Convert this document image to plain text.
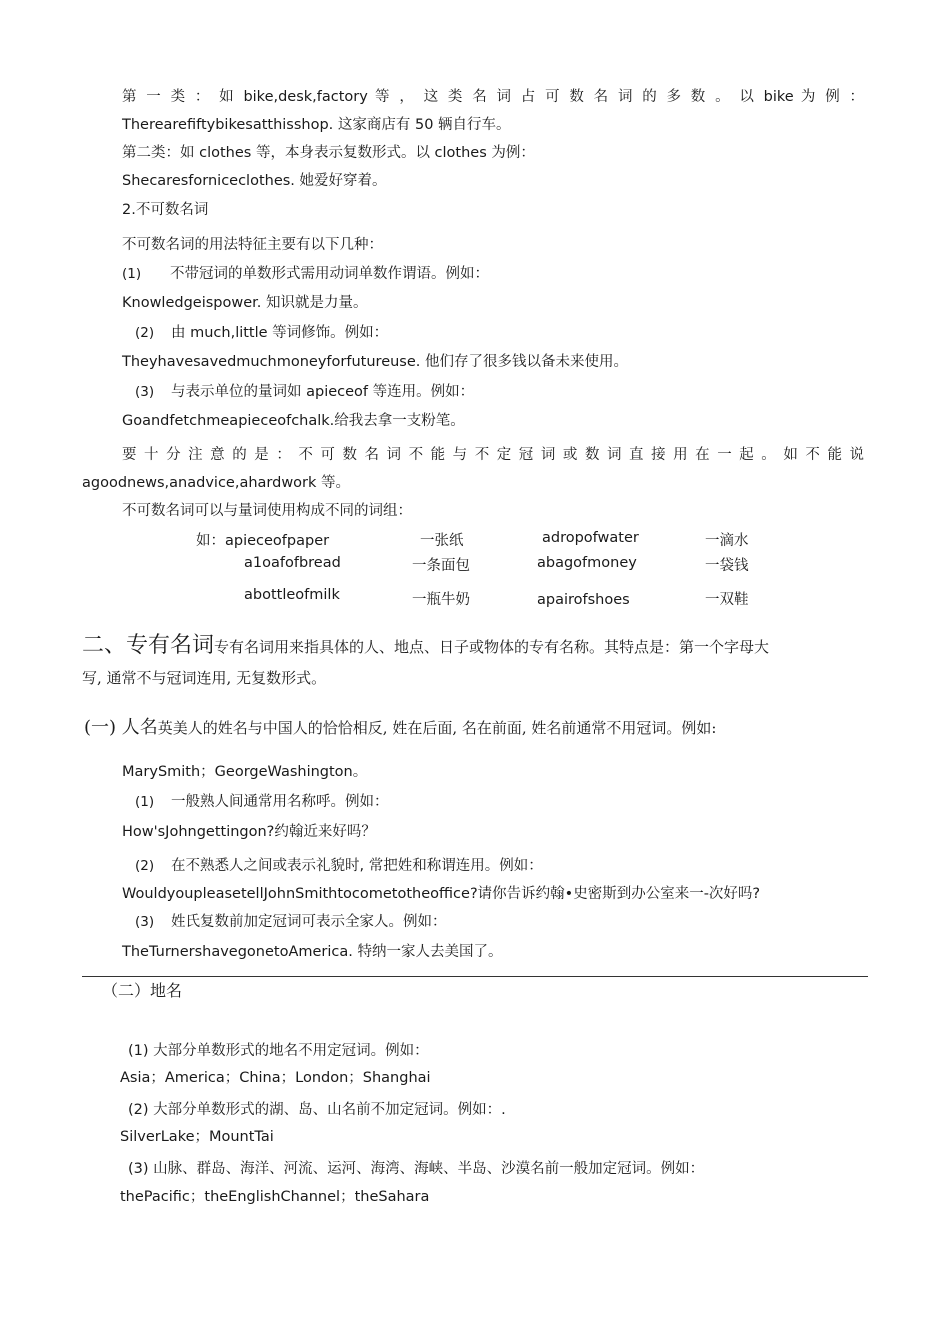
第 一 类 ： 如 bike,desk,factory 等 ， 这 类 名 词 占 可 数 名 词 的 多 数 。 以 bike 为 例 ：
Therearefiftybikesatthisshop. 这家商店有 50 辆自行车。
第二类：如 clothes 等，本身表示复数形式。以 clothes 为例：
Shecaresforniceclothes. 她爱好穿着。
2.不可数名词
不可数名词的用法特征主要有以下几种：
(1) 不带冠词的单数形式需用动词单数作谓语。例如：
Knowledgeispower. 知识就是力量。
(2) 由 much,little 等词修饰。例如：
Theyhavesavedmuchmoneyforfutureuse. 他们存了很多钱以备未来使用。
(3) 与表示单位的量词如 apieceof 等连用。例如：
Goandfetchmeapieceofchalk.给我去拿一支粉笔。
要 十 分 注 意 的 是 ： 不 可 数 名 词 不 能 与 不 定 冠 词 或 数 词 直 接 用 在 一 起 。 如 不 能 说
agoodnews,anadvice,ahardwork 等。
不可数名词可以与量词使用构成不同的词组：
如：apieceofpaper	一张纸	adropofwater	一滴水
a1oafofbread	一条面包	abagofmoney	一袋钱
abottleofmilk	一瓶牛奶	apairofshoes	一双鞋
二、专有名词专有名词用来指具体的人、地点、日子或物体的专有名称。其特点是：第一个字母大
写, 通常不与冠词连用, 无复数形式。
(一) 人名英美人的姓名与中国人的恰恰相反, 姓在后面, 名在前面, 姓名前通常不用冠词。例如:
MarySmith；GeorgeWashington。
(1) 一般熟人间通常用名称呼。例如：
How'sJohngettingon?约翰近来好吗？
(2) 在不熟悉人之间或表示礼貌时, 常把姓和称谓连用。例如：
WouldyoupleasetellJohnSmithtocometotheoffice?请你告诉约翰•史密斯到办公室来一-次好吗?
(3) 姓氏复数前加定冠词可表示全家人。例如：
TheTurnershavegonetoAmerica. 特纳一家人去美国了。
（二）地名
(1) 大部分单数形式的地名不用定冠词。例如：
Asia；America；China；London；Shanghai
(2) 大部分单数形式的湖、岛、山名前不加定冠词。例如：.
SilverLake；MountTai
(3) 山脉、群岛、海洋、河流、运河、海湾、海峡、半岛、沙漠名前一般加定冠词。例如：
thePacific；theEnglishChannel；theSahara
